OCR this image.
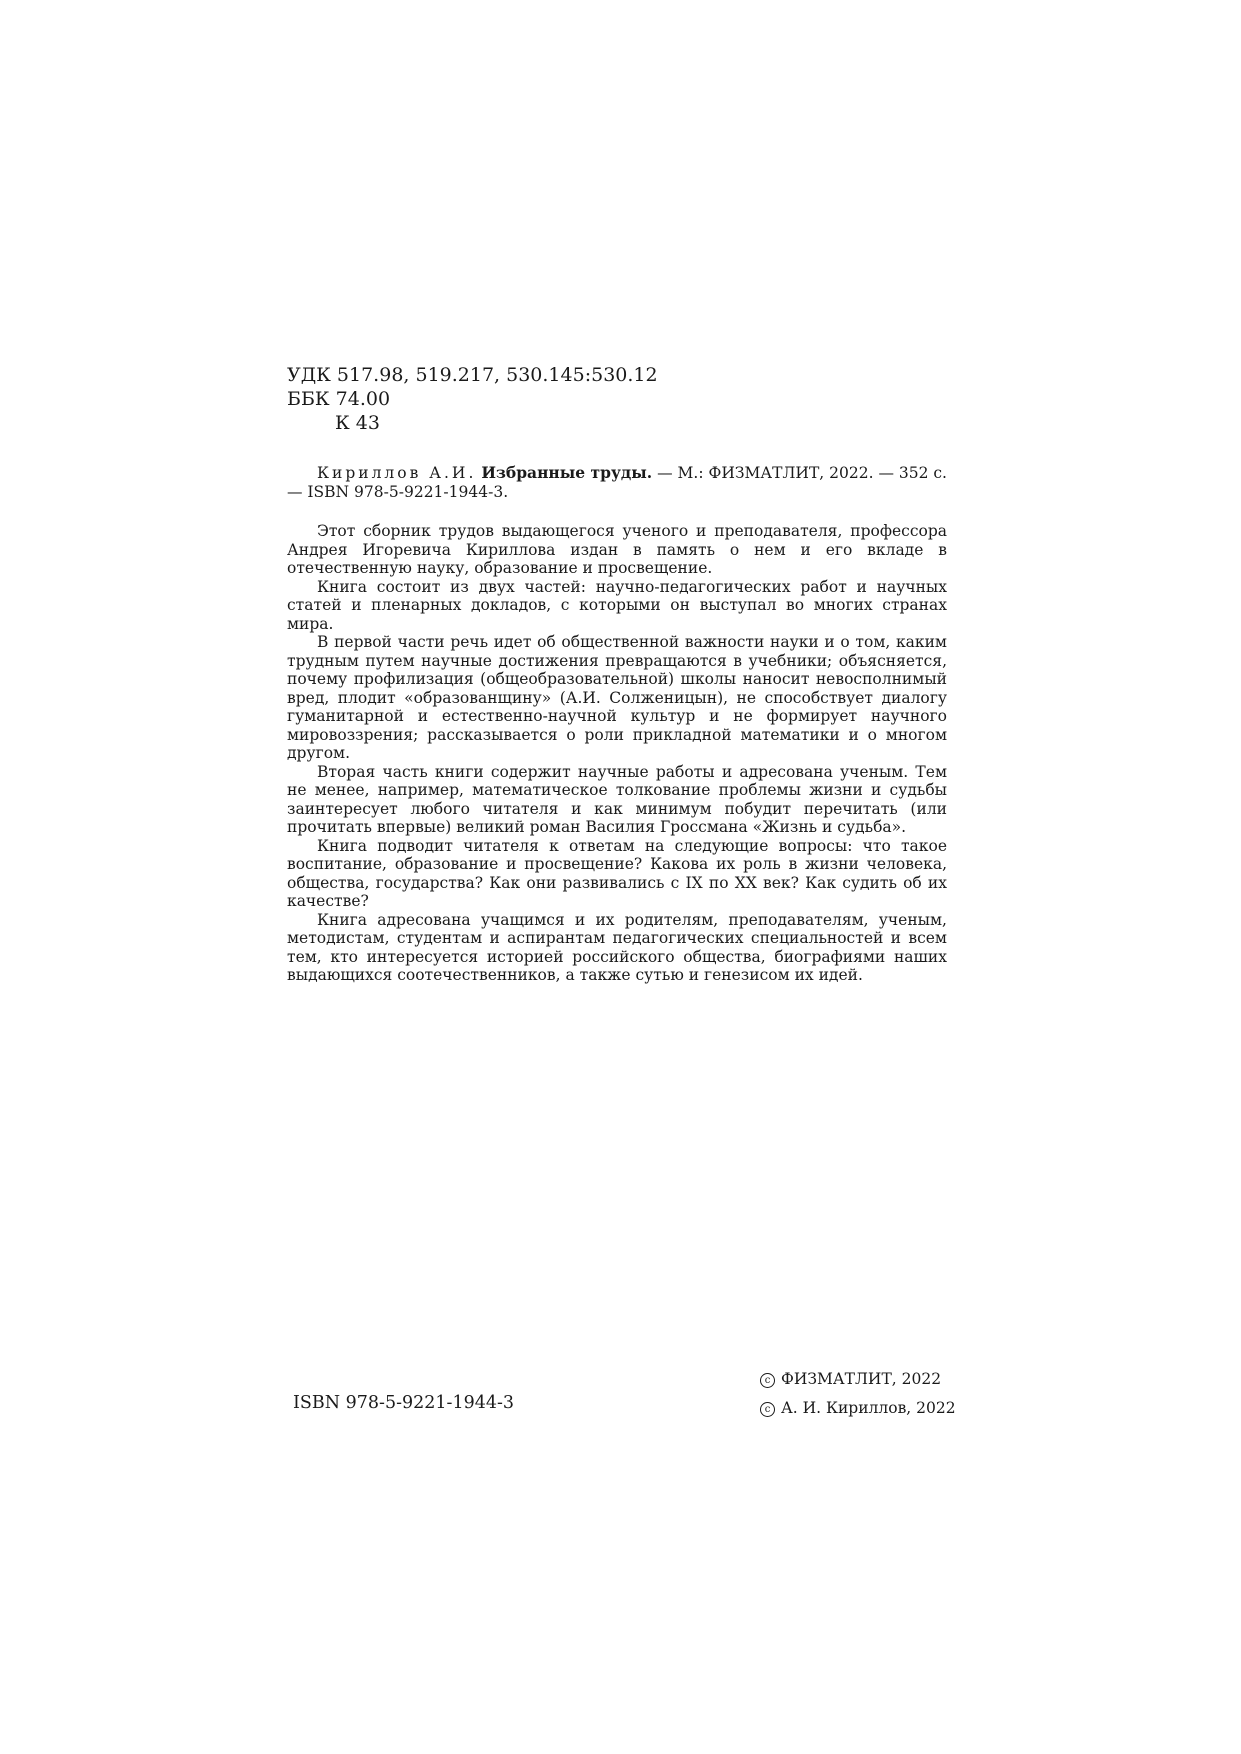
УДК 517.98, 519.217, 530.145:530.12
ББК 74.00
К 43

Кириллов А.И. Избранные труды. — М.: ФИЗМАТЛИТ, 2022. — 352 с. — ISBN 978-5-9221-1944-3.

Этот сборник трудов выдающегося ученого и преподавателя, профессора Андрея Игоревича Кириллова издан в память о нем и его вкладе в отечественную науку, образование и просвещение.

Книга состоит из двух частей: научно-педагогических работ и научных статей и пленарных докладов, с которыми он выступал во многих странах мира.

В первой части речь идет об общественной важности науки и о том, каким трудным путем научные достижения превращаются в учебники; объясняется, почему профилизация (общеобразовательной) школы наносит невосполнимый вред, плодит «образованщину» (А.И. Солженицын), не способствует диалогу гуманитарной и естественно-научной культур и не формирует научного мировоззрения; рассказывается о роли прикладной математики и о многом другом.

Вторая часть книги содержит научные работы и адресована ученым. Тем не менее, например, математическое толкование проблемы жизни и судьбы заинтересует любого читателя и как минимум побудит перечитать (или прочитать впервые) великий роман Василия Гроссмана «Жизнь и судьба».

Книга подводит читателя к ответам на следующие вопросы: что такое воспитание, образование и просвещение? Какова их роль в жизни человека, общества, государства? Как они развивались с IX по XX век? Как судить об их качестве?

Книга адресована учащимся и их родителям, преподавателям, ученым, методистам, студентам и аспирантам педагогических специальностей и всем тем, кто интересуется историей российского общества, биографиями наших выдающихся соотечественников, а также сутью и генезисом их идей.

ISBN 978-5-9221-1944-3
c ФИЗМАТЛИТ, 2022
c А. И. Кириллов, 2022
